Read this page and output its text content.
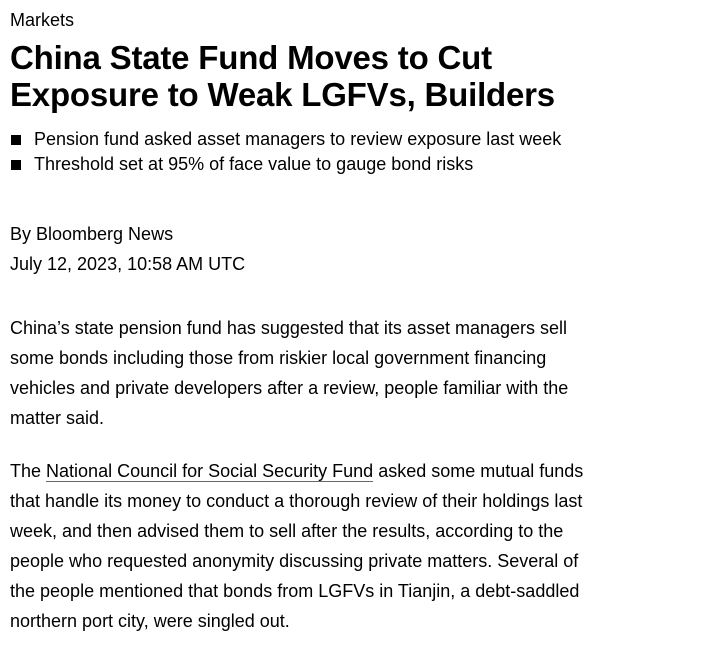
Markets
China State Fund Moves to Cut
Exposure to Weak LGFVs, Builders
Pension fund asked asset managers to review exposure last week
Threshold set at 95% of face value to gauge bond risks
By Bloomberg News
July 12, 2023, 10:58 AM UTC

China’s state pension fund has suggested that its asset managers sell
some bonds including those from riskier local government financing
vehicles and private developers after a review, people familiar with the
matter said.

The National Council for Social Security Fund asked some mutual funds
that handle its money to conduct a thorough review of their holdings last
week, and then advised them to sell after the results, according to the
people who requested anonymity discussing private matters. Several of
the people mentioned that bonds from LGFVs in Tianjin, a debt-saddled
northern port city, were singled out.
